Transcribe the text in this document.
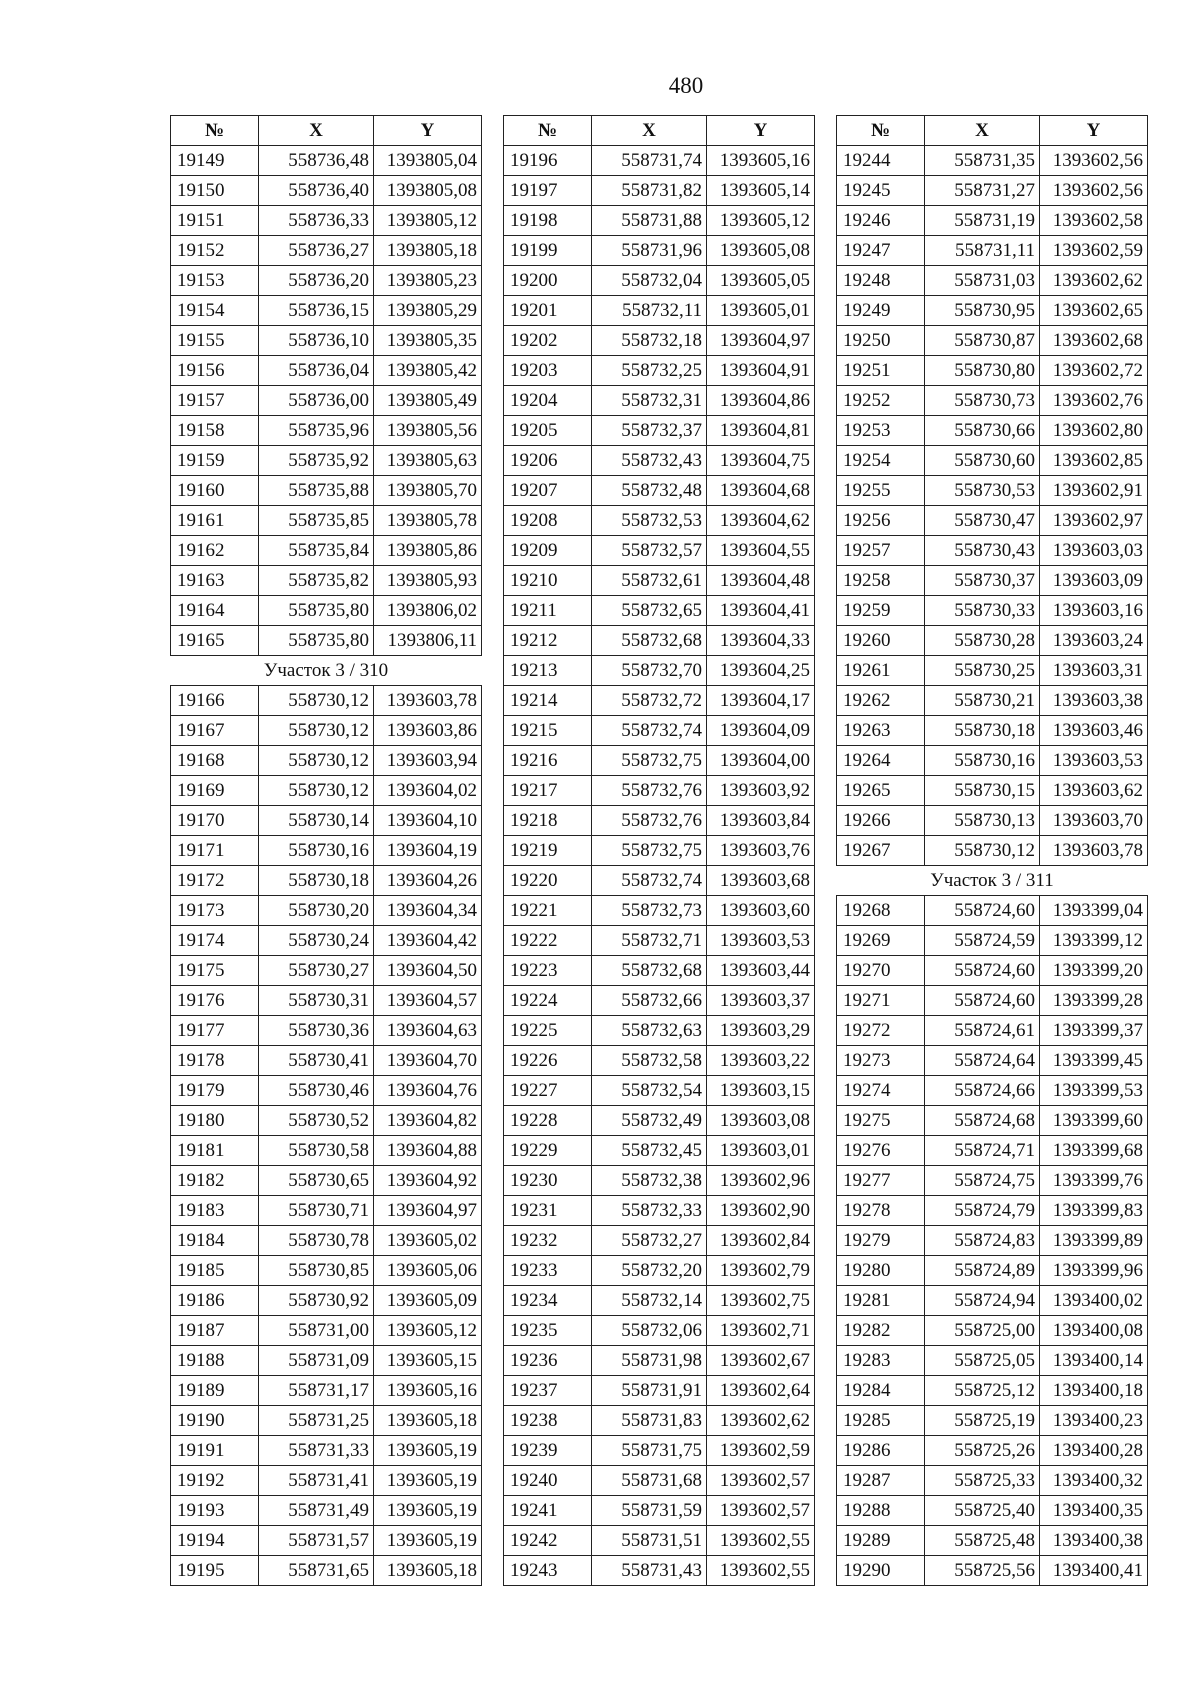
480
№	X	Y
19149	558736,48	1393805,04
19150	558736,40	1393805,08
19151	558736,33	1393805,12
19152	558736,27	1393805,18
19153	558736,20	1393805,23
19154	558736,15	1393805,29
19155	558736,10	1393805,35
19156	558736,04	1393805,42
19157	558736,00	1393805,49
19158	558735,96	1393805,56
19159	558735,92	1393805,63
19160	558735,88	1393805,70
19161	558735,85	1393805,78
19162	558735,84	1393805,86
19163	558735,82	1393805,93
19164	558735,80	1393806,02
19165	558735,80	1393806,11
Участок 3 / 310		
19166	558730,12	1393603,78
19167	558730,12	1393603,86
19168	558730,12	1393603,94
19169	558730,12	1393604,02
19170	558730,14	1393604,10
19171	558730,16	1393604,19
19172	558730,18	1393604,26
19173	558730,20	1393604,34
19174	558730,24	1393604,42
19175	558730,27	1393604,50
19176	558730,31	1393604,57
19177	558730,36	1393604,63
19178	558730,41	1393604,70
19179	558730,46	1393604,76
19180	558730,52	1393604,82
19181	558730,58	1393604,88
19182	558730,65	1393604,92
19183	558730,71	1393604,97
19184	558730,78	1393605,02
19185	558730,85	1393605,06
19186	558730,92	1393605,09
19187	558731,00	1393605,12
19188	558731,09	1393605,15
19189	558731,17	1393605,16
19190	558731,25	1393605,18
19191	558731,33	1393605,19
19192	558731,41	1393605,19
19193	558731,49	1393605,19
19194	558731,57	1393605,19
19195	558731,65	1393605,18
№	X	Y
19196	558731,74	1393605,16
19197	558731,82	1393605,14
19198	558731,88	1393605,12
19199	558731,96	1393605,08
19200	558732,04	1393605,05
19201	558732,11	1393605,01
19202	558732,18	1393604,97
19203	558732,25	1393604,91
19204	558732,31	1393604,86
19205	558732,37	1393604,81
19206	558732,43	1393604,75
19207	558732,48	1393604,68
19208	558732,53	1393604,62
19209	558732,57	1393604,55
19210	558732,61	1393604,48
19211	558732,65	1393604,41
19212	558732,68	1393604,33
19213	558732,70	1393604,25
19214	558732,72	1393604,17
19215	558732,74	1393604,09
19216	558732,75	1393604,00
19217	558732,76	1393603,92
19218	558732,76	1393603,84
19219	558732,75	1393603,76
19220	558732,74	1393603,68
19221	558732,73	1393603,60
19222	558732,71	1393603,53
19223	558732,68	1393603,44
19224	558732,66	1393603,37
19225	558732,63	1393603,29
19226	558732,58	1393603,22
19227	558732,54	1393603,15
19228	558732,49	1393603,08
19229	558732,45	1393603,01
19230	558732,38	1393602,96
19231	558732,33	1393602,90
19232	558732,27	1393602,84
19233	558732,20	1393602,79
19234	558732,14	1393602,75
19235	558732,06	1393602,71
19236	558731,98	1393602,67
19237	558731,91	1393602,64
19238	558731,83	1393602,62
19239	558731,75	1393602,59
19240	558731,68	1393602,57
19241	558731,59	1393602,57
19242	558731,51	1393602,55
19243	558731,43	1393602,55
№	X	Y
19244	558731,35	1393602,56
19245	558731,27	1393602,56
19246	558731,19	1393602,58
19247	558731,11	1393602,59
19248	558731,03	1393602,62
19249	558730,95	1393602,65
19250	558730,87	1393602,68
19251	558730,80	1393602,72
19252	558730,73	1393602,76
19253	558730,66	1393602,80
19254	558730,60	1393602,85
19255	558730,53	1393602,91
19256	558730,47	1393602,97
19257	558730,43	1393603,03
19258	558730,37	1393603,09
19259	558730,33	1393603,16
19260	558730,28	1393603,24
19261	558730,25	1393603,31
19262	558730,21	1393603,38
19263	558730,18	1393603,46
19264	558730,16	1393603,53
19265	558730,15	1393603,62
19266	558730,13	1393603,70
19267	558730,12	1393603,78
Участок 3 / 311		
19268	558724,60	1393399,04
19269	558724,59	1393399,12
19270	558724,60	1393399,20
19271	558724,60	1393399,28
19272	558724,61	1393399,37
19273	558724,64	1393399,45
19274	558724,66	1393399,53
19275	558724,68	1393399,60
19276	558724,71	1393399,68
19277	558724,75	1393399,76
19278	558724,79	1393399,83
19279	558724,83	1393399,89
19280	558724,89	1393399,96
19281	558724,94	1393400,02
19282	558725,00	1393400,08
19283	558725,05	1393400,14
19284	558725,12	1393400,18
19285	558725,19	1393400,23
19286	558725,26	1393400,28
19287	558725,33	1393400,32
19288	558725,40	1393400,35
19289	558725,48	1393400,38
19290	558725,56	1393400,41
